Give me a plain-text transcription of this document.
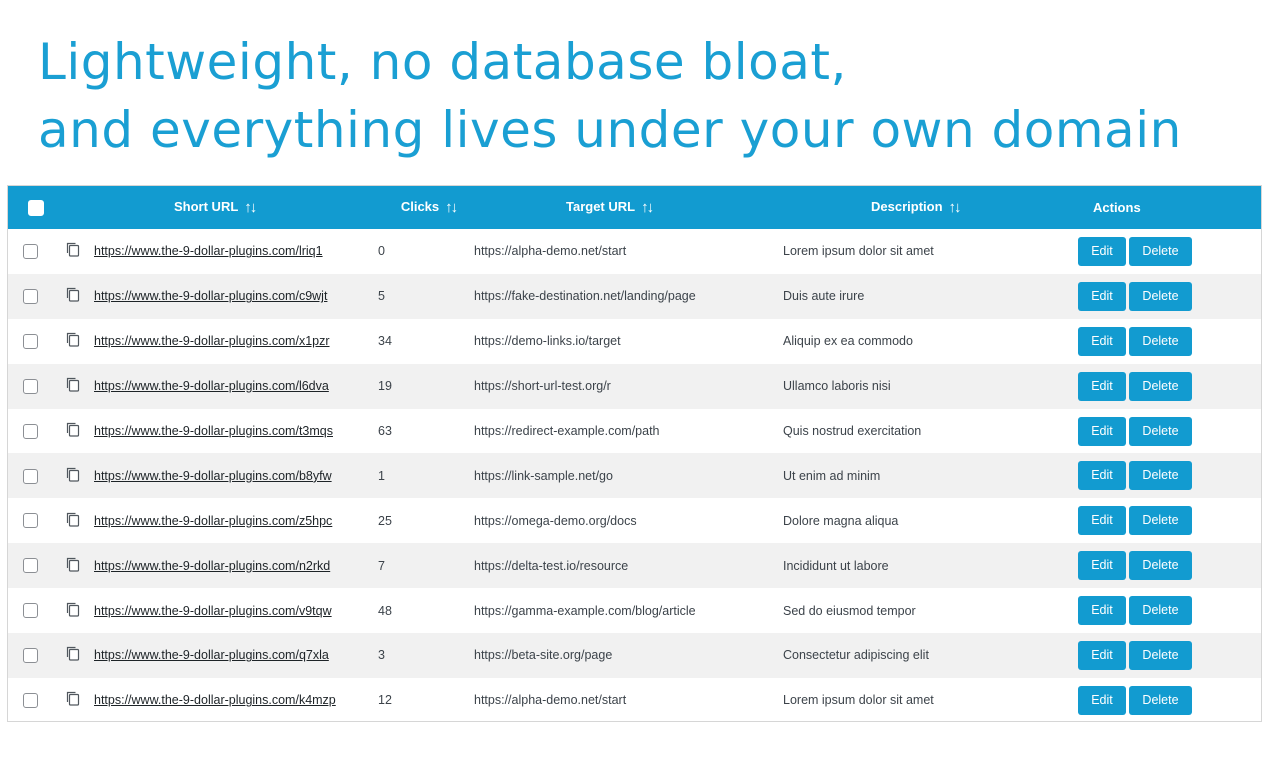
Lightweight, no database bloat,
and everything lives under your own domain
		Short URL ↑↓	Clicks ↑↓	Target URL ↑↓	Description ↑↓	Actions
		https://www.the-9-dollar-plugins.com/lriq1	0	https://alpha-demo.net/start	Lorem ipsum dolor sit amet	Edit Delete
		https://www.the-9-dollar-plugins.com/c9wjt	5	https://fake-destination.net/landing/page	Duis aute irure	Edit Delete
		https://www.the-9-dollar-plugins.com/x1pzr	34	https://demo-links.io/target	Aliquip ex ea commodo	Edit Delete
		https://www.the-9-dollar-plugins.com/l6dva	19	https://short-url-test.org/r	Ullamco laboris nisi	Edit Delete
		https://www.the-9-dollar-plugins.com/t3mqs	63	https://redirect-example.com/path	Quis nostrud exercitation	Edit Delete
		https://www.the-9-dollar-plugins.com/b8yfw	1	https://link-sample.net/go	Ut enim ad minim	Edit Delete
		https://www.the-9-dollar-plugins.com/z5hpc	25	https://omega-demo.org/docs	Dolore magna aliqua	Edit Delete
		https://www.the-9-dollar-plugins.com/n2rkd	7	https://delta-test.io/resource	Incididunt ut labore	Edit Delete
		https://www.the-9-dollar-plugins.com/v9tqw	48	https://gamma-example.com/blog/article	Sed do eiusmod tempor	Edit Delete
		https://www.the-9-dollar-plugins.com/q7xla	3	https://beta-site.org/page	Consectetur adipiscing elit	Edit Delete
		https://www.the-9-dollar-plugins.com/k4mzp	12	https://alpha-demo.net/start	Lorem ipsum dolor sit amet	Edit Delete
